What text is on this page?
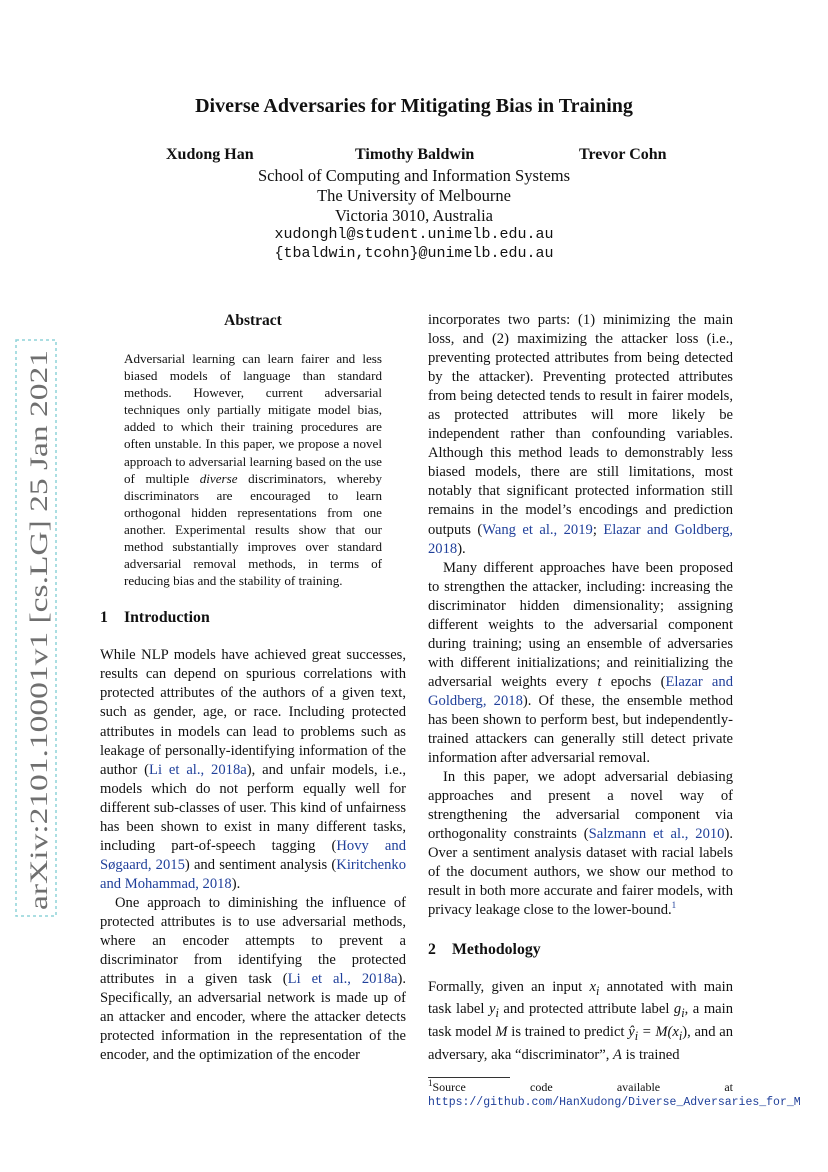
arXiv:2101.10001v1 [cs.LG] 25 Jan 2021
Diverse Adversaries for Mitigating Bias in Training
Xudong Han	Timothy Baldwin	Trevor Cohn
School of Computing and Information Systems
The University of Melbourne
Victoria 3010, Australia
xudonghl@student.unimelb.edu.au
{tbaldwin,tcohn}@unimelb.edu.au
Abstract
Adversarial learning can learn fairer and less biased models of language than standard methods. However, current adversarial techniques only partially mitigate model bias, added to which their training procedures are often unstable. In this paper, we propose a novel approach to adversarial learning based on the use of multiple diverse discriminators, whereby discriminators are encouraged to learn orthogonal hidden representations from one another. Experimental results show that our method substantially improves over standard adversarial removal methods, in terms of reducing bias and the stability of training.
1 Introduction

While NLP models have achieved great successes, results can depend on spurious correlations with protected attributes of the authors of a given text, such as gender, age, or race. Including protected attributes in models can lead to problems such as leakage of personally-identifying information of the author (Li et al., 2018a), and unfair models, i.e., models which do not perform equally well for different sub-classes of user. This kind of unfairness has been shown to exist in many different tasks, including part-of-speech tagging (Hovy and Søgaard, 2015) and sentiment analysis (Kiritchenko and Mohammad, 2018).

One approach to diminishing the influence of protected attributes is to use adversarial methods, where an encoder attempts to prevent a discriminator from identifying the protected attributes in a given task (Li et al., 2018a). Specifically, an adversarial network is made up of an attacker and encoder, where the attacker detects protected information in the representation of the encoder, and the optimization of the encoder

incorporates two parts: (1) minimizing the main loss, and (2) maximizing the attacker loss (i.e., preventing protected attributes from being detected by the attacker). Preventing protected attributes from being detected tends to result in fairer models, as protected attributes will more likely be independent rather than confounding variables. Although this method leads to demonstrably less biased models, there are still limitations, most notably that significant protected information still remains in the model’s encodings and prediction outputs (Wang et al., 2019; Elazar and Goldberg, 2018).

Many different approaches have been proposed to strengthen the attacker, including: increasing the discriminator hidden dimensionality; assigning different weights to the adversarial component during training; using an ensemble of adversaries with different initializations; and reinitializing the adversarial weights every t epochs (Elazar and Goldberg, 2018). Of these, the ensemble method has been shown to perform best, but independently-trained attackers can generally still detect private information after adversarial removal.

In this paper, we adopt adversarial debiasing approaches and present a novel way of strengthening the adversarial component via orthogonality constraints (Salzmann et al., 2010). Over a sentiment analysis dataset with racial labels of the document authors, we show our method to result in both more accurate and fairer models, with privacy leakage close to the lower-bound.$^1$

2 Methodology

Formally, given an input $x_i$ annotated with main task label $y_i$ and protected attribute label $g_i$, a main task model M is trained to predict $ŷ_i = M(x_i)$, and an adversary, aka “discriminator”, A is trained

$^1$Source	code	available	at
https://github.com/HanXudong/Diverse_Adversaries_for_M
